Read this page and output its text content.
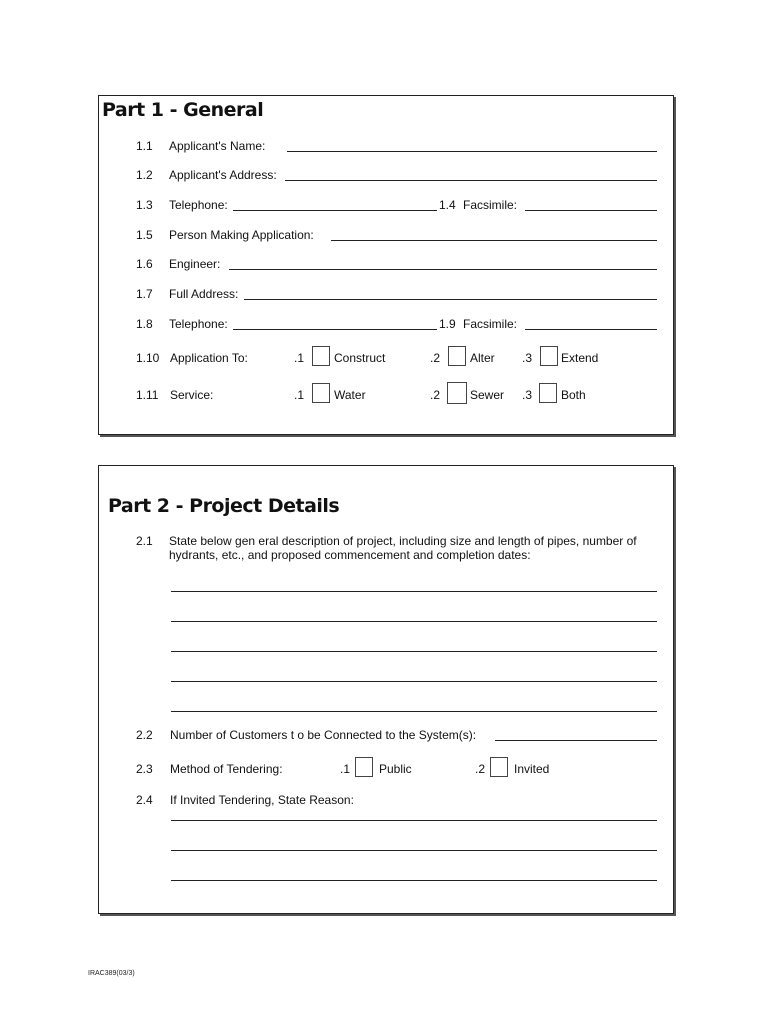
Part 1 - General
1.1 Applicant's Name:
1.2 Applicant's Address:
1.3 Telephone:	1.4 Facsimile:
1.5 Person Making Application:
1.6 Engineer:
1.7 Full Address:
1.8 Telephone:	1.9 Facsimile:
1.10 Application To:	.1 Construct	.2 Alter .3 Extend
1.11 Service:	.1 Water	.2 Sewer .3 Both
Part 2 - Project Details
2.1 State below gen eral description of project, including size and length of pipes, number of
hydrants, etc., and proposed commencement and completion dates:
2.2 Number of Customers t o be Connected to the System(s):
2.3 Method of Tendering:	.1 Public	.2 Invited
2.4 If Invited Tendering, State Reason:
IRAC389(03/3)
